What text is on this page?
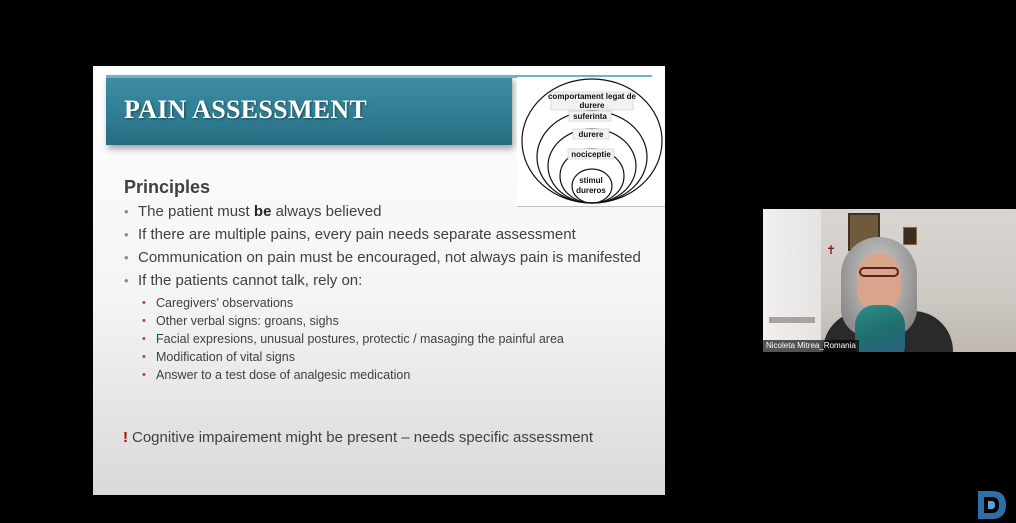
PAIN ASSESSMENT	comportament legat de
durere
suferinta
durere
nociceptie
stimul
dureros
Principles
• The patient must be always believed
• If there are multiple pains, every pain needs separate assessment
• Communication on pain must be encouraged, not always pain is manifested
• If the patients cannot talk, rely on:
• Caregivers’ observations
• Other verbal signs: groans, sighs
• Facial expresions, unusual postures, protectic / masaging the painful area
• Modification of vital signs
• Answer to a test dose of analgesic medication
! Cognitive impairement might be present – needs specific assessment
✝
Nicoleta Mitrea_Romania
